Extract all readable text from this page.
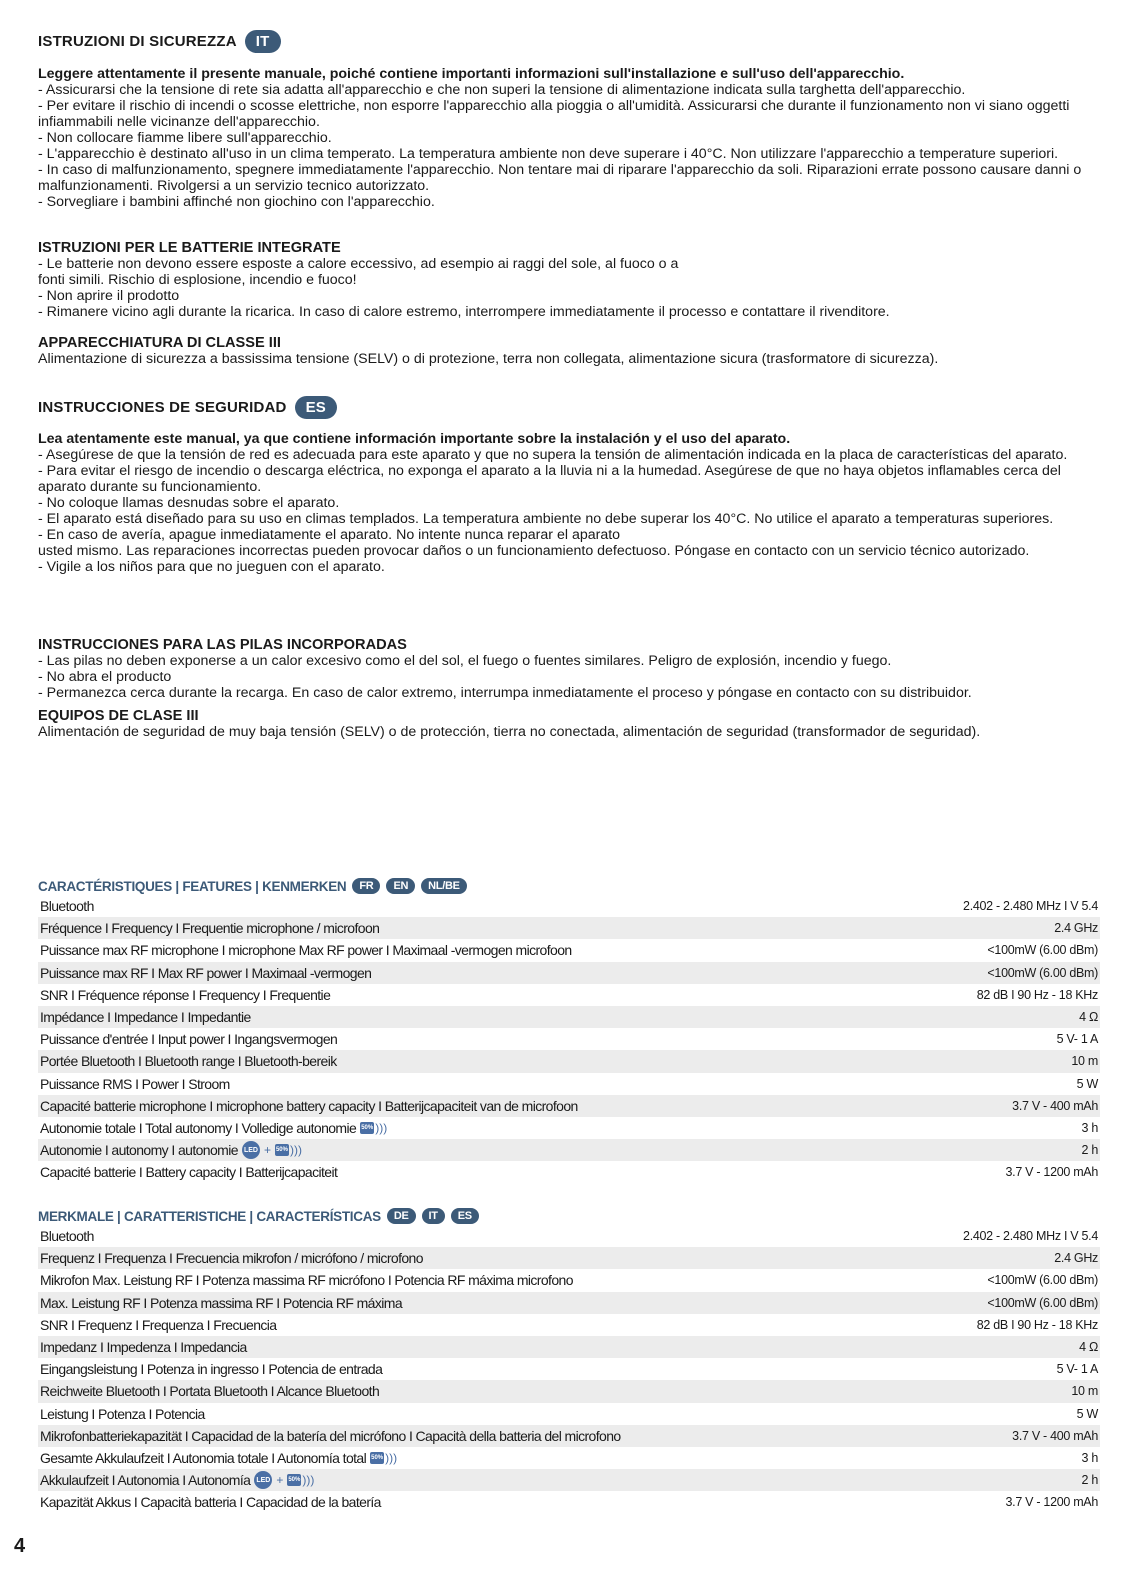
ISTRUZIONI DI SICUREZZA	IT

Leggere attentamente il presente manuale, poiché contiene importanti informazioni sull'installazione e sull'uso dell'apparecchio.

- Assicurarsi che la tensione di rete sia adatta all'apparecchio e che non superi la tensione di alimentazione indicata sulla targhetta dell'apparecchio.

- Per evitare il rischio di incendi o scosse elettriche, non esporre l'apparecchio alla pioggia o all'umidità. Assicurarsi che durante il funzionamento non vi siano oggetti infiammabili nelle vicinanze dell'apparecchio.

- Non collocare fiamme libere sull'apparecchio.

- L'apparecchio è destinato all'uso in un clima temperato. La temperatura ambiente non deve superare i 40°C. Non utilizzare l'apparecchio a temperature superiori.

- In caso di malfunzionamento, spegnere immediatamente l'apparecchio. Non tentare mai di riparare l'apparecchio da soli. Riparazioni errate possono causare danni o malfunzionamenti. Rivolgersi a un servizio tecnico autorizzato.

- Sorvegliare i bambini affinché non giochino con l'apparecchio.

ISTRUZIONI PER LE BATTERIE INTEGRATE

- Le batterie non devono essere esposte a calore eccessivo, ad esempio ai raggi del sole, al fuoco o a fonti simili. Rischio di esplosione, incendio e fuoco!

- Non aprire il prodotto

- Rimanere vicino agli durante la ricarica. In caso di calore estremo, interrompere immediatamente il processo e contattare il rivenditore.

APPARECCHIATURA DI CLASSE III

Alimentazione di sicurezza a bassissima tensione (SELV) o di protezione, terra non collegata, alimentazione sicura (trasformatore di sicurezza).

INSTRUCCIONES DE SEGURIDAD	ES

Lea atentamente este manual, ya que contiene información importante sobre la instalación y el uso del aparato.

- Asegúrese de que la tensión de red es adecuada para este aparato y que no supera la tensión de alimentación indicada en la placa de características del aparato.

- Para evitar el riesgo de incendio o descarga eléctrica, no exponga el aparato a la lluvia ni a la humedad. Asegúrese de que no haya objetos inflamables cerca del aparato durante su funcionamiento.

- No coloque llamas desnudas sobre el aparato.

- El aparato está diseñado para su uso en climas templados. La temperatura ambiente no debe superar los 40°C. No utilice el aparato a temperaturas superiores.

- En caso de avería, apague inmediatamente el aparato. No intente nunca reparar el aparato

usted mismo. Las reparaciones incorrectas pueden provocar daños o un funcionamiento defectuoso. Póngase en contacto con un servicio técnico autorizado.

- Vigile a los niños para que no jueguen con el aparato.

INSTRUCCIONES PARA LAS PILAS INCORPORADAS

- Las pilas no deben exponerse a un calor excesivo como el del sol, el fuego o fuentes similares. Peligro de explosión, incendio y fuego.

- No abra el producto

- Permanezca cerca durante la recarga. En caso de calor extremo, interrumpa inmediatamente el proceso y póngase en contacto con su distribuidor.

EQUIPOS DE CLASE III

Alimentación de seguridad de muy baja tensión (SELV) o de protección, tierra no conectada, alimentación de seguridad (transformador de seguridad).

CARACTÉRISTIQUES | FEATURES | KENMERKEN	FR	EN	NL/BE
Bluetooth	2.402 - 2.480 MHz I V 5.4
Fréquence I Frequency I Frequentie microphone / microfoon	2.4 GHz
Puissance max RF microphone I microphone Max RF power I Maximaal -vermogen microfoon	<100mW (6.00 dBm)
Puissance max RF I Max RF power I Maximaal -vermogen	<100mW (6.00 dBm)
SNR I Fréquence réponse I Frequency I Frequentie	82 dB I 90 Hz - 18 KHz
Impédance I Impedance I Impedantie	4 Ω
Puissance d'entrée I Input power I Ingangsvermogen	5 V- 1 A
Portée Bluetooth I Bluetooth range I Bluetooth-bereik	10 m
Puissance RMS I Power I Stroom	5 W
Capacité batterie microphone I microphone battery capacity I Batterijcapaciteit van de microfoon	3.7 V - 400 mAh
Autonomie totale I Total autonomy I Volledige autonomie 50% )))	3 h
Autonomie I autonomy I autonomie LED + 50% )))	2 h
Capacité batterie I Battery capacity I Batterijcapaciteit	3.7 V - 1200 mAh
MERKMALE | CARATTERISTICHE | CARACTERÍSTICAS	DE	IT	ES
Bluetooth	2.402 - 2.480 MHz I V 5.4
Frequenz I Frequenza I Frecuencia mikrofon / micrófono / microfono	2.4 GHz
Mikrofon Max. Leistung RF I Potenza massima RF micrófono I Potencia RF máxima microfono	<100mW (6.00 dBm)
Max. Leistung RF I Potenza massima RF I Potencia RF máxima	<100mW (6.00 dBm)
SNR I Frequenz I Frequenza I Frecuencia	82 dB I 90 Hz - 18 KHz
Impedanz I Impedenza I Impedancia	4 Ω
Eingangsleistung I Potenza in ingresso I Potencia de entrada	5 V- 1 A
Reichweite Bluetooth I Portata Bluetooth I Alcance Bluetooth	10 m
Leistung I Potenza I Potencia	5 W
Mikrofonbatteriekapazität I Capacidad de la batería del micrófono I Capacità della batteria del microfono	3.7 V - 400 mAh
Gesamte Akkulaufzeit I Autonomia totale I Autonomía total 50% )))	3 h
Akkulaufzeit I Autonomia I Autonomía LED + 50% )))	2 h
Kapazität Akkus I Capacità batteria I Capacidad de la batería	3.7 V - 1200 mAh
4
